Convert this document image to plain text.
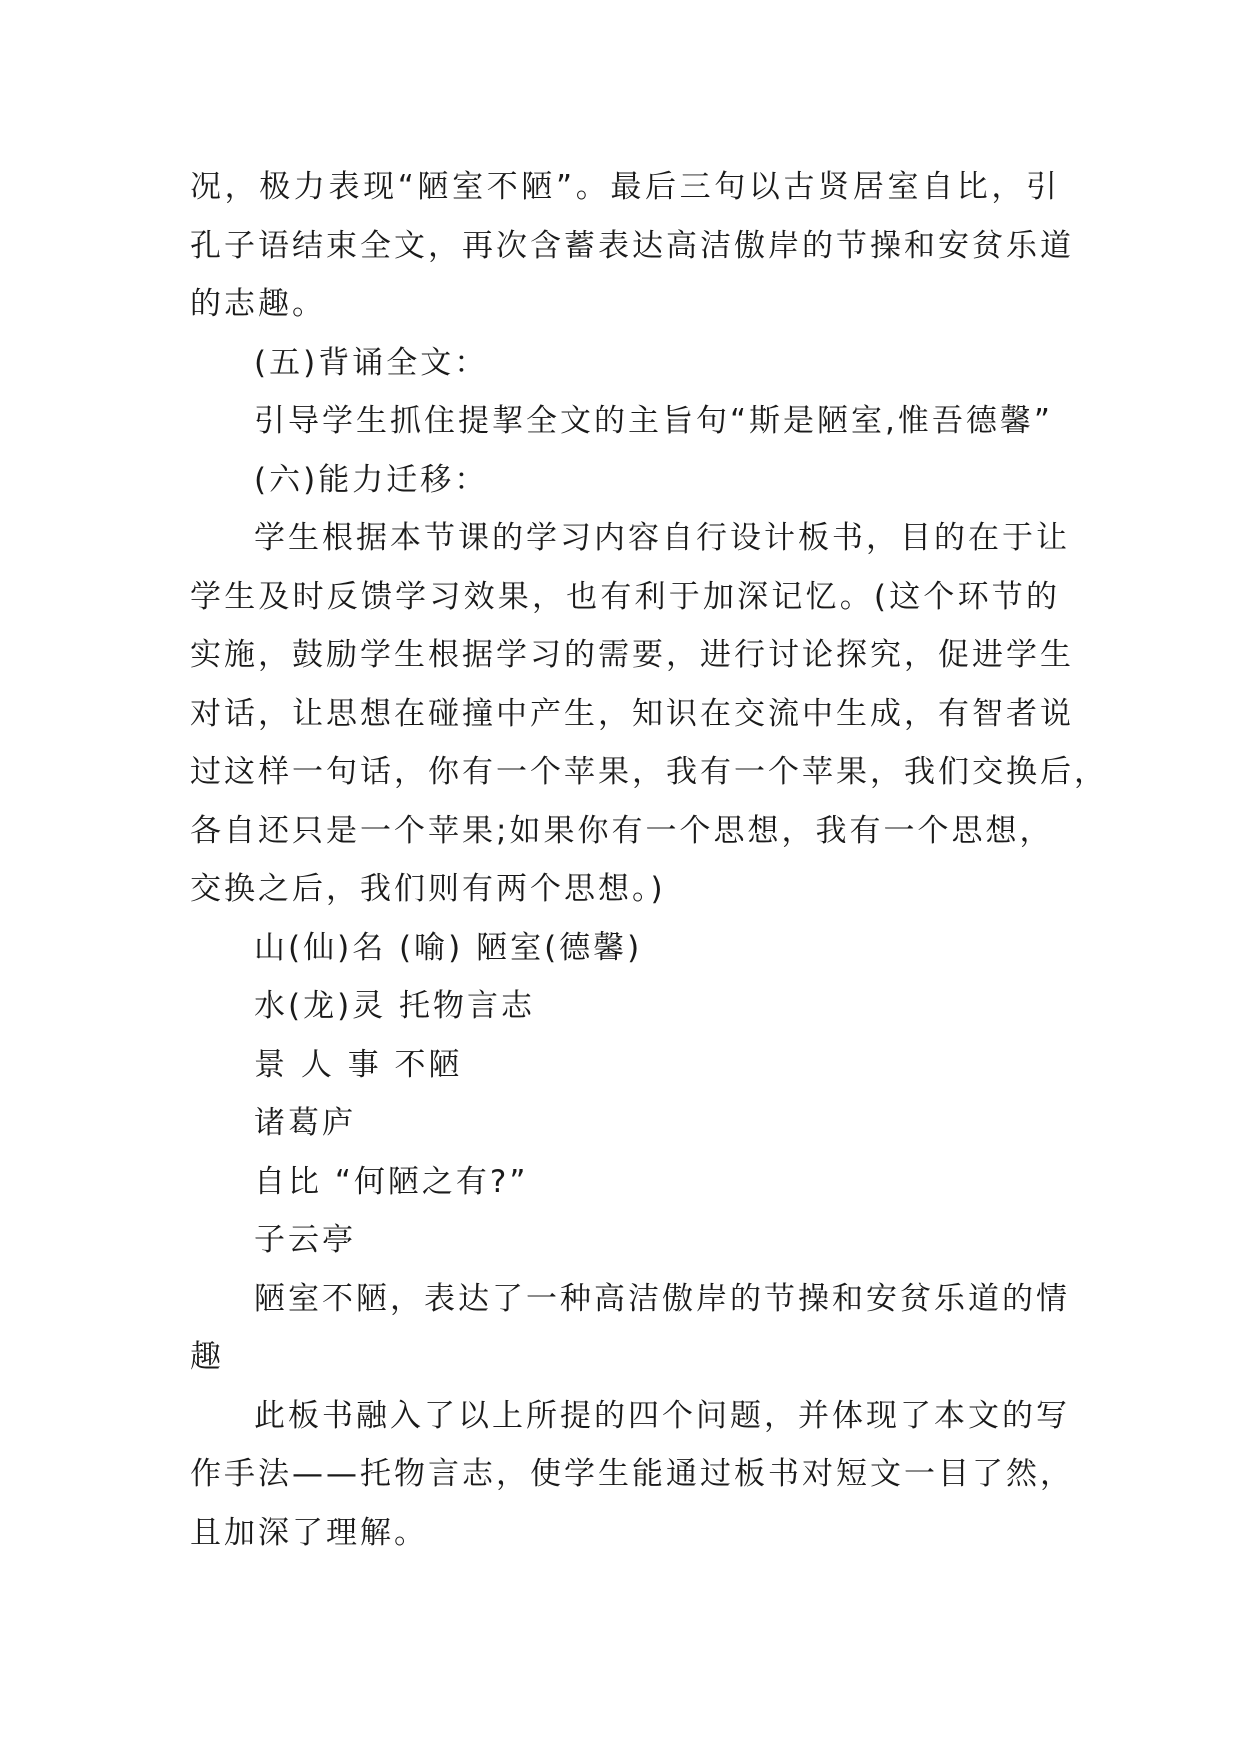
况，极力表现“陋室不陋”。最后三句以古贤居室自比，引
孔子语结束全文，再次含蓄表达高洁傲岸的节操和安贫乐道
的志趣。
(五)背诵全文：
引导学生抓住提挈全文的主旨句“斯是陋室,惟吾德馨”
(六)能力迁移：
学生根据本节课的学习内容自行设计板书，目的在于让
学生及时反馈学习效果，也有利于加深记忆。(这个环节的
实施，鼓励学生根据学习的需要，进行讨论探究，促进学生
对话，让思想在碰撞中产生，知识在交流中生成，有智者说
过这样一句话，你有一个苹果，我有一个苹果，我们交换后，
各自还只是一个苹果;如果你有一个思想，我有一个思想，
交换之后，我们则有两个思想。)
山(仙)名 (喻) 陋室(德馨)
水(龙)灵 托物言志
景 人 事 不陋
诸葛庐
自比 “何陋之有?”
子云亭
陋室不陋，表达了一种高洁傲岸的节操和安贫乐道的情
趣
此板书融入了以上所提的四个问题，并体现了本文的写
作手法——托物言志，使学生能通过板书对短文一目了然，
且加深了理解。
